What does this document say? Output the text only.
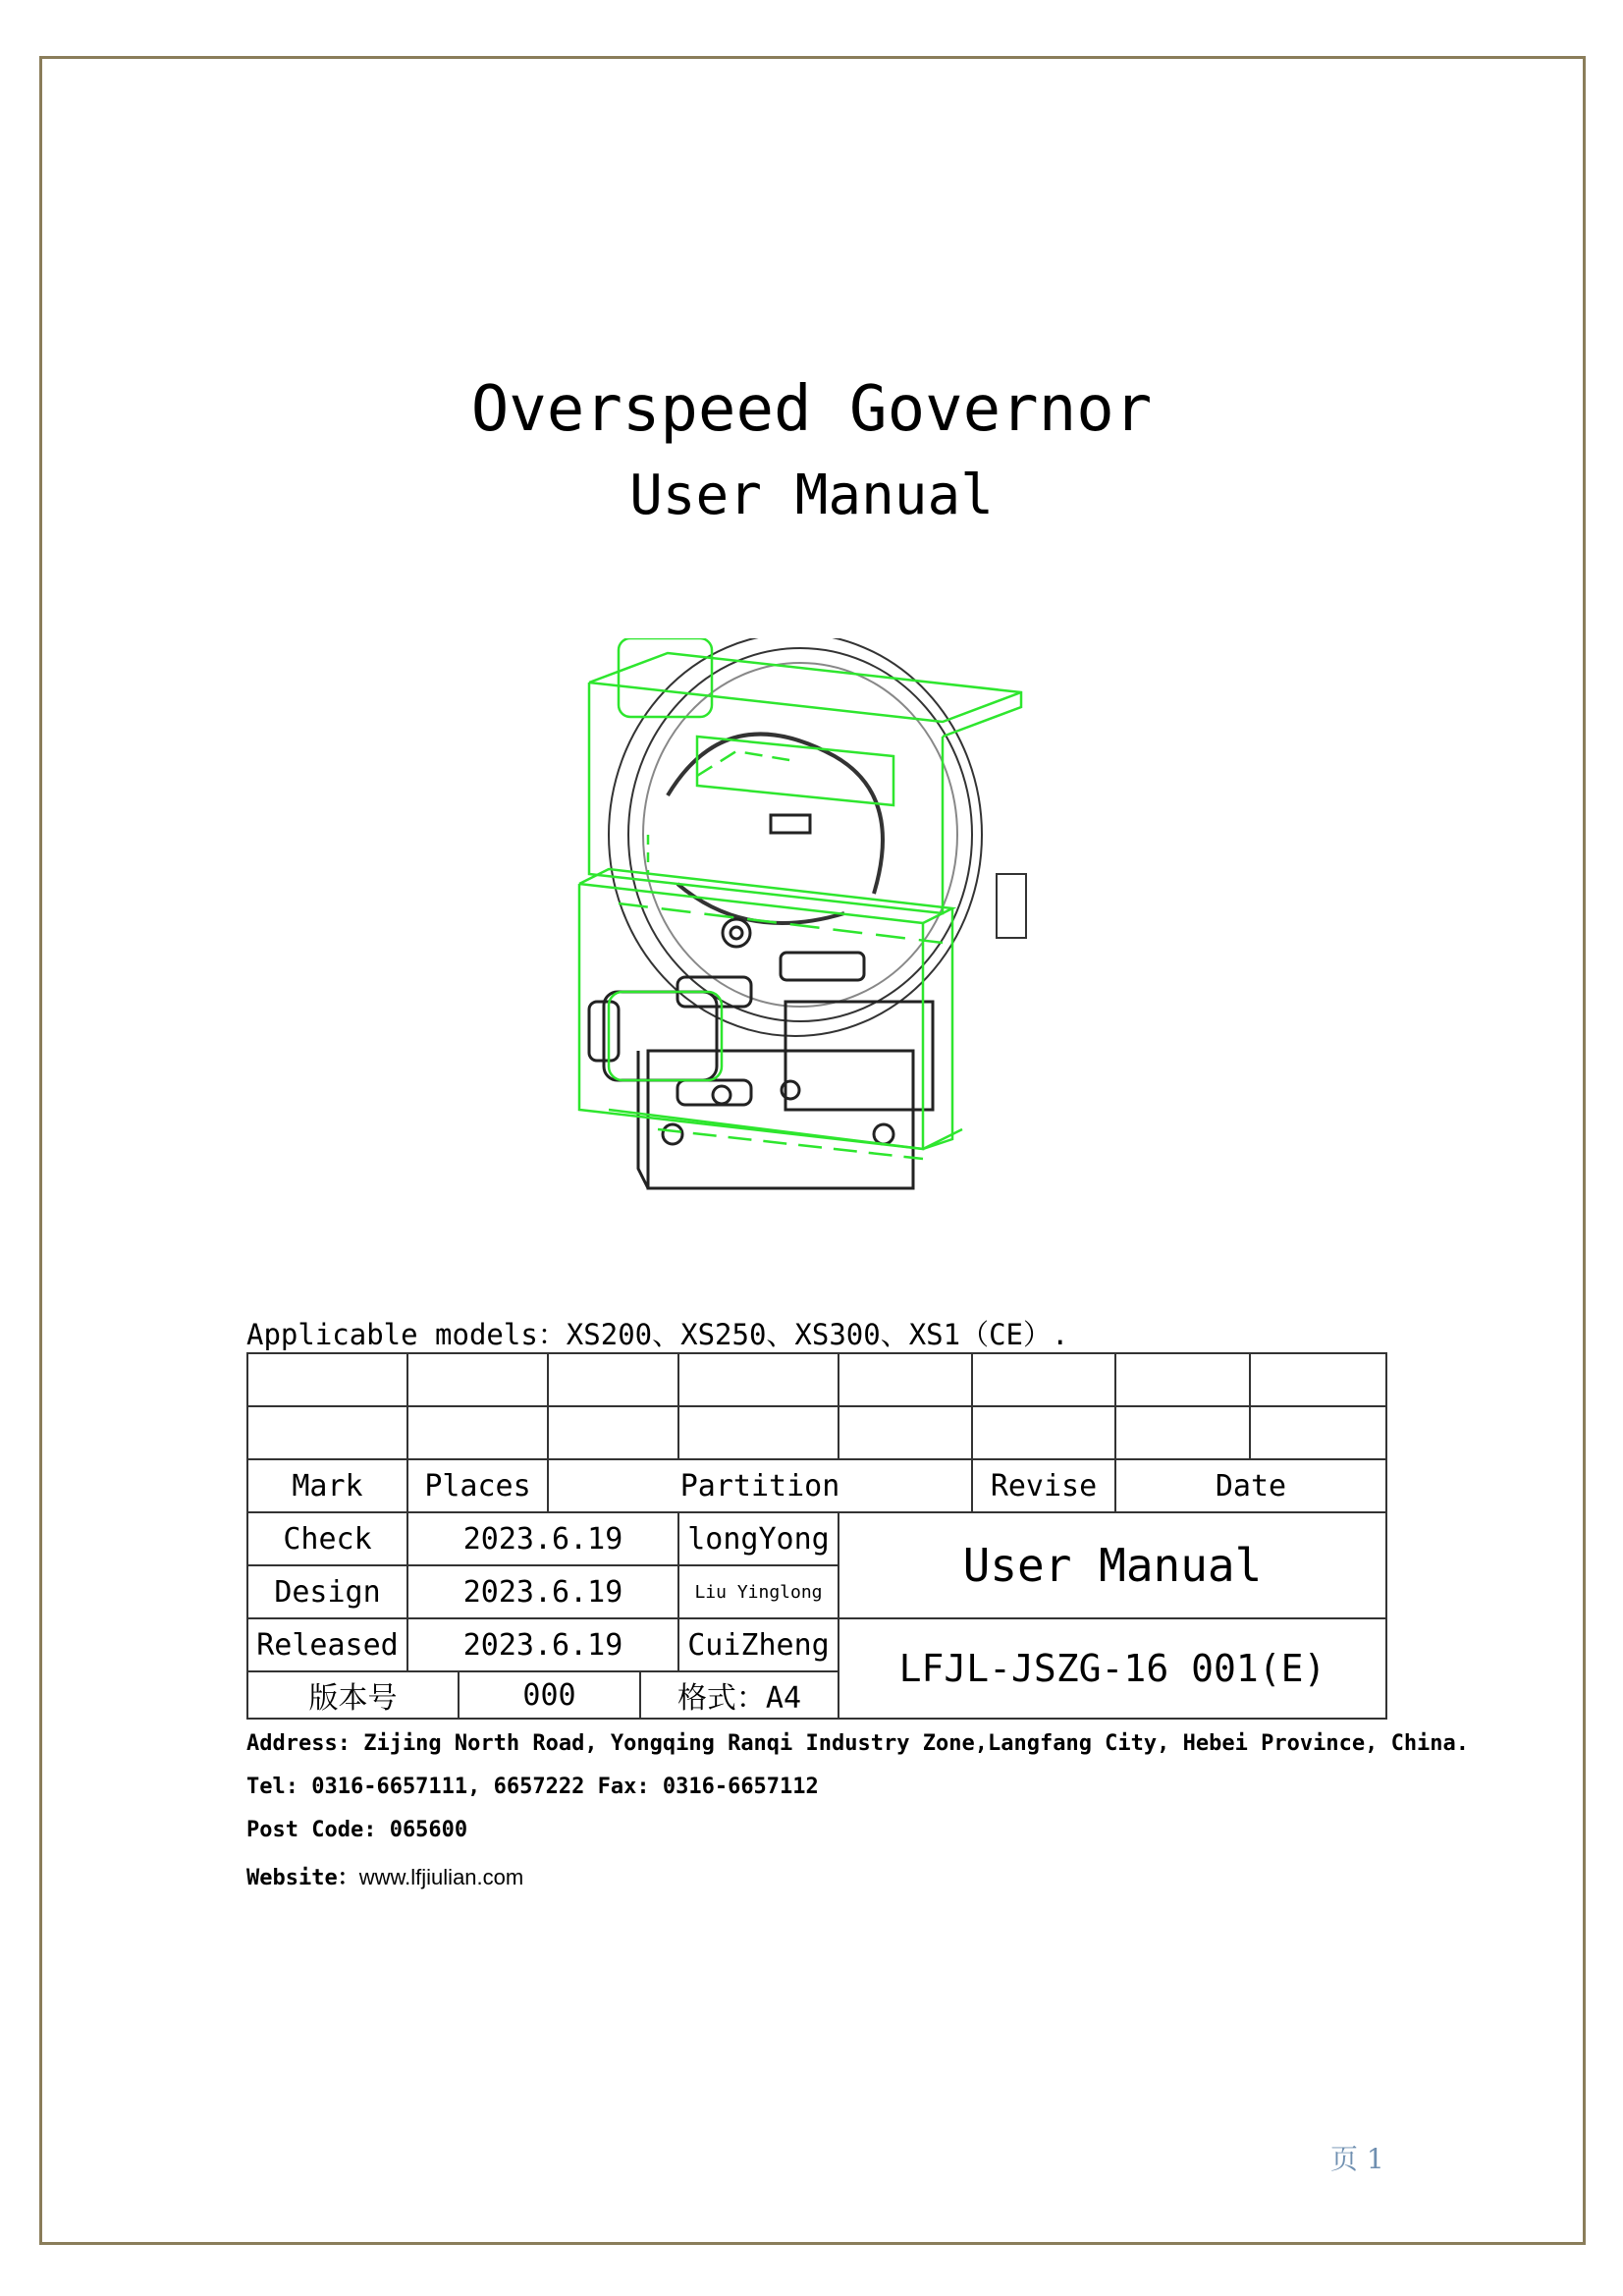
Overspeed Governor
User Manual
Applicable models：XS200、XS250、XS300、XS1（CE）.

Mark	Places	Partition			Revise	Date	
Check	2023.6.19		longYong	User Manual			
Design	2023.6.19		Liu Yinglong				
Released	2023.6.19		CuiZheng	LFJL-JSZG-16 001(E)			

版本号 000 格式：A4							
Address: Zijing North Road, Yongqing Ranqi Industry Zone,Langfang City, Hebei Province, China.
Tel: 0316-6657111, 6657222 Fax: 0316-6657112
Post Code: 065600
Website：www.lfjiulian.com
页 1
